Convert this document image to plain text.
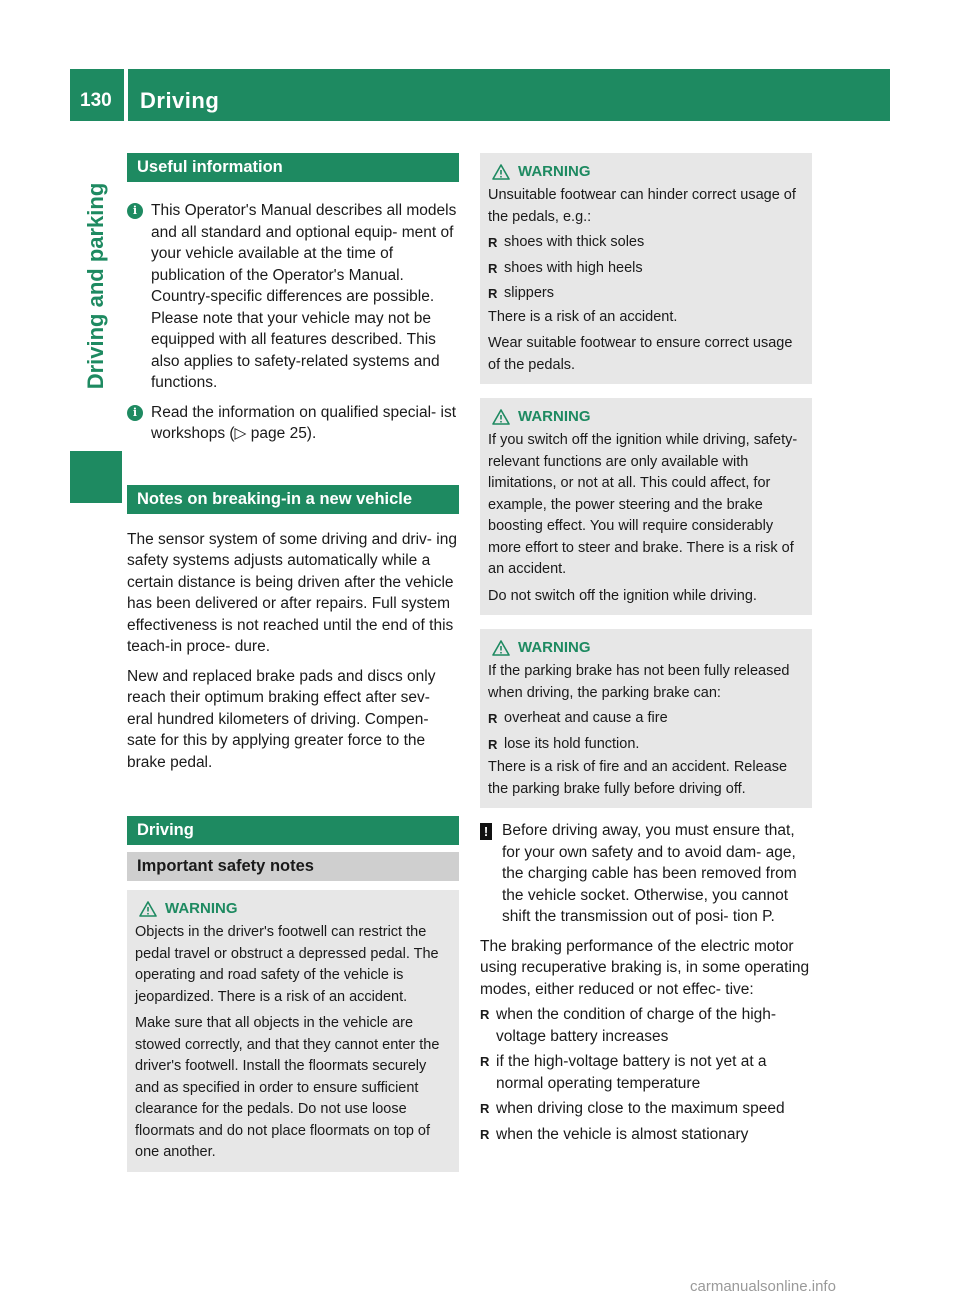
130 Driving
Driving and parking
Useful information
i This Operator's Manual describes all models and all standard and optional equip- ment of your vehicle available at the time of publication of the Operator's Manual. Country-specific differences are possible. Please note that your vehicle may not be equipped with all features described. This also applies to safety-related systems and functions.
i Read the information on qualified special- ist workshops (▷ page 25).
Notes on breaking-in a new vehicle

The sensor system of some driving and driv- ing safety systems adjusts automatically while a certain distance is being driven after the vehicle has been delivered or after repairs. Full system effectiveness is not reached until the end of this teach-in proce- dure.

New and replaced brake pads and discs only reach their optimum braking effect after sev- eral hundred kilometers of driving. Compen- sate for this by applying greater force to the brake pedal.

Driving
Important safety notes
WARNING

Objects in the driver's footwell can restrict the pedal travel or obstruct a depressed pedal. The operating and road safety of the vehicle is jeopardized. There is a risk of an accident.

Make sure that all objects in the vehicle are stowed correctly, and that they cannot enter the driver's footwell. Install the floormats securely and as specified in order to ensure sufficient clearance for the pedals. Do not use loose floormats and do not place floormats on top of one another.

WARNING

Unsuitable footwear can hinder correct usage of the pedals, e.g.:

R shoes with thick soles
R shoes with high heels
R slippers

There is a risk of an accident.

Wear suitable footwear to ensure correct usage of the pedals.

WARNING

If you switch off the ignition while driving, safety-relevant functions are only available with limitations, or not at all. This could affect, for example, the power steering and the brake boosting effect. You will require considerably more effort to steer and brake. There is a risk of an accident.

Do not switch off the ignition while driving.

WARNING

If the parking brake has not been fully released when driving, the parking brake can:

R overheat and cause a fire
R lose its hold function.

There is a risk of fire and an accident. Release the parking brake fully before driving off.

! Before driving away, you must ensure that, for your own safety and to avoid dam- age, the charging cable has been removed from the vehicle socket. Otherwise, you cannot shift the transmission out of posi- tion P.

The braking performance of the electric motor using recuperative braking is, in some operating modes, either reduced or not effec- tive:

R when the condition of charge of the high- voltage battery increases
R if the high-voltage battery is not yet at a normal operating temperature
R when driving close to the maximum speed
R when the vehicle is almost stationary
carmanualsonline.info
